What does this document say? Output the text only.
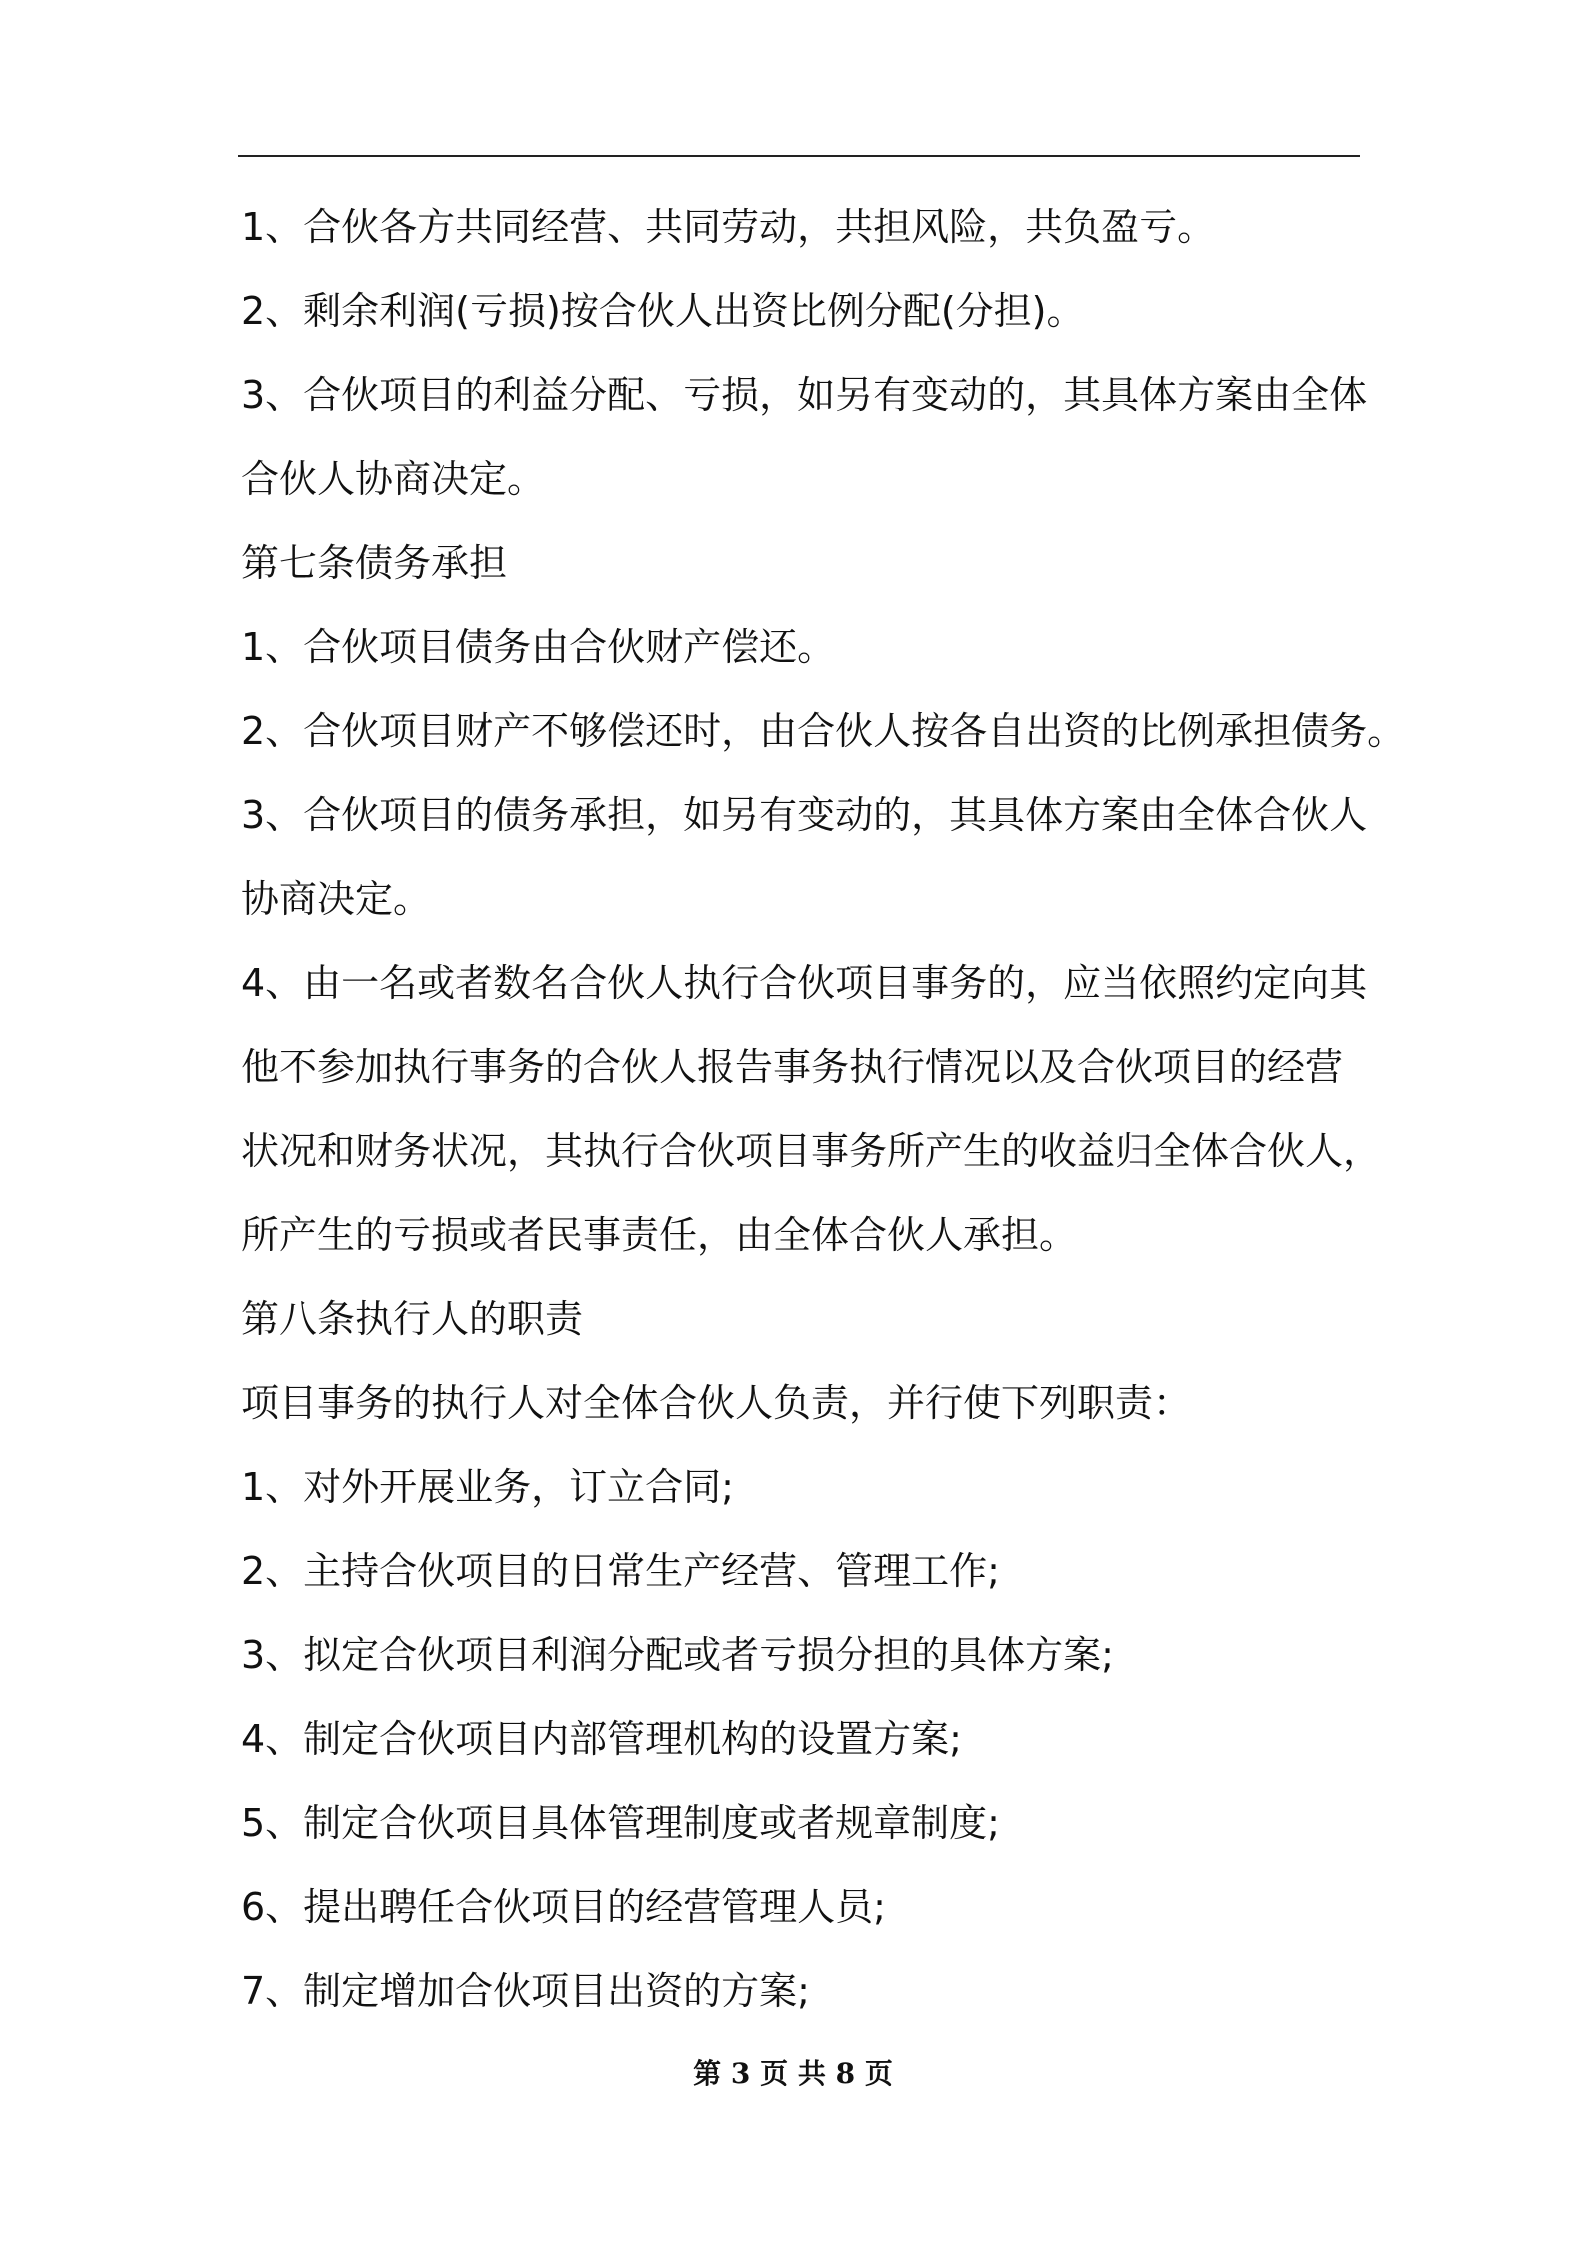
1、合伙各方共同经营、共同劳动，共担风险，共负盈亏。
2、剩余利润(亏损)按合伙人出资比例分配(分担)。
3、合伙项目的利益分配、亏损，如另有变动的，其具体方案由全体
合伙人协商决定。
第七条债务承担
1、合伙项目债务由合伙财产偿还。
2、合伙项目财产不够偿还时，由合伙人按各自出资的比例承担债务。
3、合伙项目的债务承担，如另有变动的，其具体方案由全体合伙人
协商决定。
4、由一名或者数名合伙人执行合伙项目事务的，应当依照约定向其
他不参加执行事务的合伙人报告事务执行情况以及合伙项目的经营
状况和财务状况，其执行合伙项目事务所产生的收益归全体合伙人，
所产生的亏损或者民事责任，由全体合伙人承担。
第八条执行人的职责
项目事务的执行人对全体合伙人负责，并行使下列职责：
1、对外开展业务，订立合同;
2、主持合伙项目的日常生产经营、管理工作;
3、拟定合伙项目利润分配或者亏损分担的具体方案;
4、制定合伙项目内部管理机构的设置方案;
5、制定合伙项目具体管理制度或者规章制度;
6、提出聘任合伙项目的经营管理人员;
7、制定增加合伙项目出资的方案;
第 3 页 共 8 页
